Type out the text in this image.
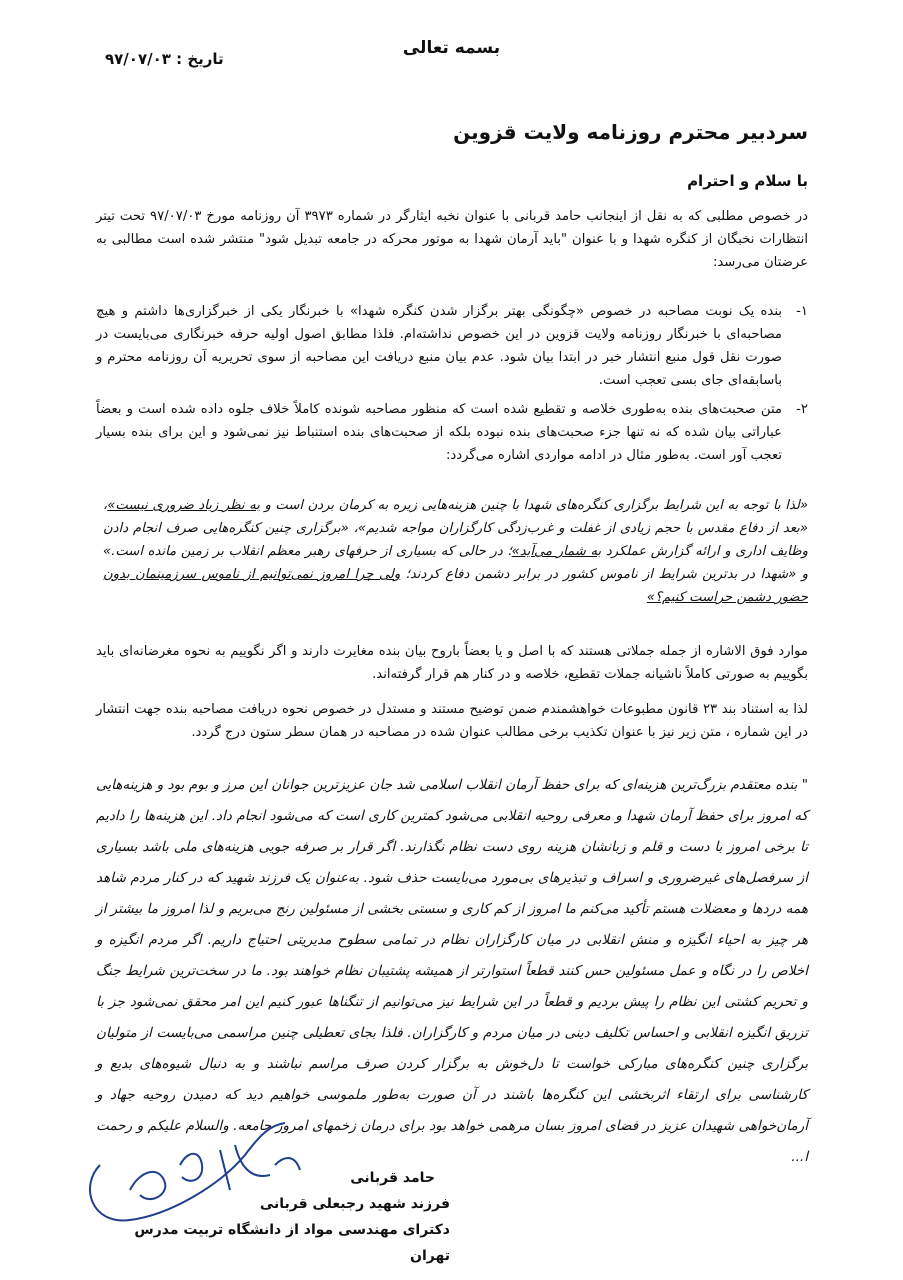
بسمه تعالی
۹۷/۰۷/۰۳ تاریخ :
سردبیر محترم روزنامه ولایت قزوین
با سلام و احترام
در خصوص مطلبی که به نقل از اینجانب حامد قربانی با عنوان نخبه ایثارگر در شماره ۳۹۷۳ آن روزنامه مورخ ۹۷/۰۷/۰۳ تحت تیتر انتظارات نخبگان از کنگره شهدا و با عنوان "باید آرمان شهدا به موتور محرکه در جامعه تبدیل شود" منتشر شده است مطالبی به عرضتان می‌رسد:
۱-
بنده یک نوبت مصاحبه در خصوص «چگونگی بهتر برگزار شدن کنگره شهدا» با خبرنگار یکی از خبرگزاری‌ها داشتم و هیچ مصاحبه‌ای با خبرنگار روزنامه ولایت قزوین در این خصوص نداشته‌ام. فلذا مطابق اصول اولیه حرفه خبرنگاری می‌بایست در صورت نقل قول منبع انتشار خبر در ابتدا بیان شود. عدم بیان منبع دریافت این مصاحبه از سوی تحریریه آن روزنامه محترم و باسابقه‌ای جای بسی تعجب است.
۲-
متن صحبت‌های بنده به‌طوری خلاصه و تقطیع شده است که منظور مصاحبه شونده کاملاً خلاف جلوه داده شده است و بعضاً عباراتی بیان شده که نه تنها جزء صحبت‌های بنده نبوده بلکه از صحبت‌های بنده استنباط نیز نمی‌شود و این برای بنده بسیار تعجب آور است. به‌طور مثال در ادامه مواردی اشاره می‌گردد:
«لذا با توجه به این شرایط برگزاری کنگره‌های شهدا با چنین هزینه‌هایی زیره به کرمان بردن است و به نظر زیاد ضروری نیست»، «بعد از دفاع مقدس با حجم زیادی از غفلت و غرب‌زدگی کارگزاران مواجه شدیم»، «برگزاری چنین کنگره‌هایی صرف انجام دادن وظایف اداری و ارائه گزارش عملکرد به شمار می‌آید»؛ در حالی که بسیاری از حرفهای رهبر معظم انقلاب بر زمین مانده است.» و «شهدا در بدترین شرایط از ناموس کشور در برابر دشمن دفاع کردند؛ ولی چرا امروز نمی‌توانیم از ناموس سرزمینمان بدون حضور دشمن حراست کنیم؟»
موارد فوق الاشاره از جمله جملاتی هستند که با اصل و یا بعضاً باروح بیان بنده مغایرت دارند و اگر نگوییم به نحوه مغرضانه‌ای باید بگوییم به صورتی کاملاً ناشیانه جملات تقطیع، خلاصه و در کنار هم قرار گرفته‌اند.
لذا به استناد بند ۲۳ قانون مطبوعات خواهشمندم ضمن توضیح مستند و مستدل در خصوص نحوه دریافت مصاحبه بنده جهت انتشار در این شماره ، متن زیر نیز با عنوان تکذیب برخی مطالب عنوان شده در مصاحبه در همان سطر ستون درج گردد.
" بنده معتقدم بزرگ‌ترین هزینه‌ای که برای حفظ آرمان انقلاب اسلامی شد جان عزیزترین جوانان این مرز و بوم بود و هزینه‌هایی که امروز برای حفظ آرمان شهدا و معرفی روحیه انقلابی می‌شود کمترین کاری است که می‌شود انجام داد. این هزینه‌ها را دادیم تا برخی امروز با دست و قلم و زبانشان هزینه روی دست نظام نگذارند. اگر قرار بر صرفه جویی هزینه‌های ملی باشد بسیاری از سرفصل‌های غیرضروری و اسراف و تبذیرهای بی‌مورد می‌بایست حذف شود. به‌عنوان یک فرزند شهید که در کنار مردم شاهد همه دردها و معضلات هستم تأکید می‌کنم ما امروز از کم کاری و سستی بخشی از مسئولین رنج می‌بریم و لذا امروز ما بیشتر از هر چیز به احیاء انگیزه و منش انقلابی در میان کارگزاران نظام در تمامی سطوح مدیریتی احتیاج داریم. اگر مردم انگیزه و اخلاص را در نگاه و عمل مسئولین حس کنند قطعاً استوارتر از همیشه پشتیبان نظام خواهند بود. ما در سخت‌ترین شرایط جنگ و تحریم کشتی این نظام را پیش بردیم و قطعاً در این شرایط نیز می‌توانیم از تنگناها عبور کنیم این امر محقق نمی‌شود جز با تزریق انگیزه انقلابی و احساس تکلیف دینی در میان مردم و کارگزاران. فلذا بجای تعطیلی چنین مراسمی می‌بایست از متولیان برگزاری چنین کنگره‌های مبارکی خواست تا دل‌خوش به برگزار کردن صرف مراسم نباشند و به دنبال شیوه‌های بدیع و کارشناسی برای ارتقاء اثربخشی این کنگره‌ها باشند در آن صورت به‌طور ملموسی خواهیم دید که دمیدن روحیه جهاد و آرمان‌خواهی شهیدان عزیز در فضای امروز بسان مرهمی خواهد بود برای درمان زخمهای امروز جامعه. والسلام علیکم و رحمت ا...
حامد قربانی
فرزند شهید رجبعلی قربانی
دکترای مهندسی مواد از دانشگاه تربیت مدرس تهران
